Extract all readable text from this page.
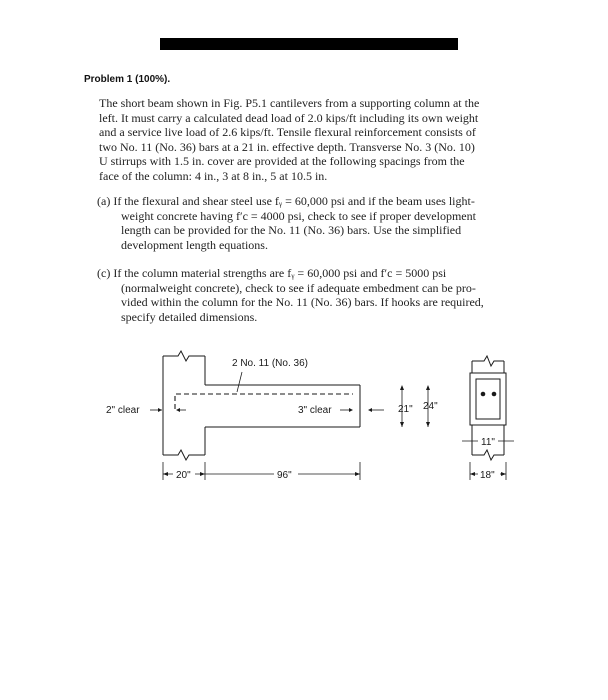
Problem 1 (100%).
The short beam shown in Fig. P5.1 cantilevers from a supporting column at the
left. It must carry a calculated dead load of 2.0 kips/ft including its own weight
and a service live load of 2.6 kips/ft. Tensile flexural reinforcement consists of
two No. 11 (No. 36) bars at a 21 in. effective depth. Transverse No. 3 (No. 10)
U stirrups with 1.5 in. cover are provided at the following spacings from the
face of the column: 4 in., 3 at 8 in., 5 at 10.5 in.
(a) If the flexural and shear steel use fᵧ = 60,000 psi and if the beam uses light-
weight concrete having f′c = 4000 psi, check to see if proper development
length can be provided for the No. 11 (No. 36) bars. Use the simplified
development length equations.
(c) If the column material strengths are fᵧ = 60,000 psi and f′c = 5000 psi
(normalweight concrete), check to see if adequate embedment can be pro-
vided within the column for the No. 11 (No. 36) bars. If hooks are required,
specify detailed dimensions.
2 No. 11 (No. 36)
2" clear	3" clear	21" 24"
11"
20"	96"	18"
